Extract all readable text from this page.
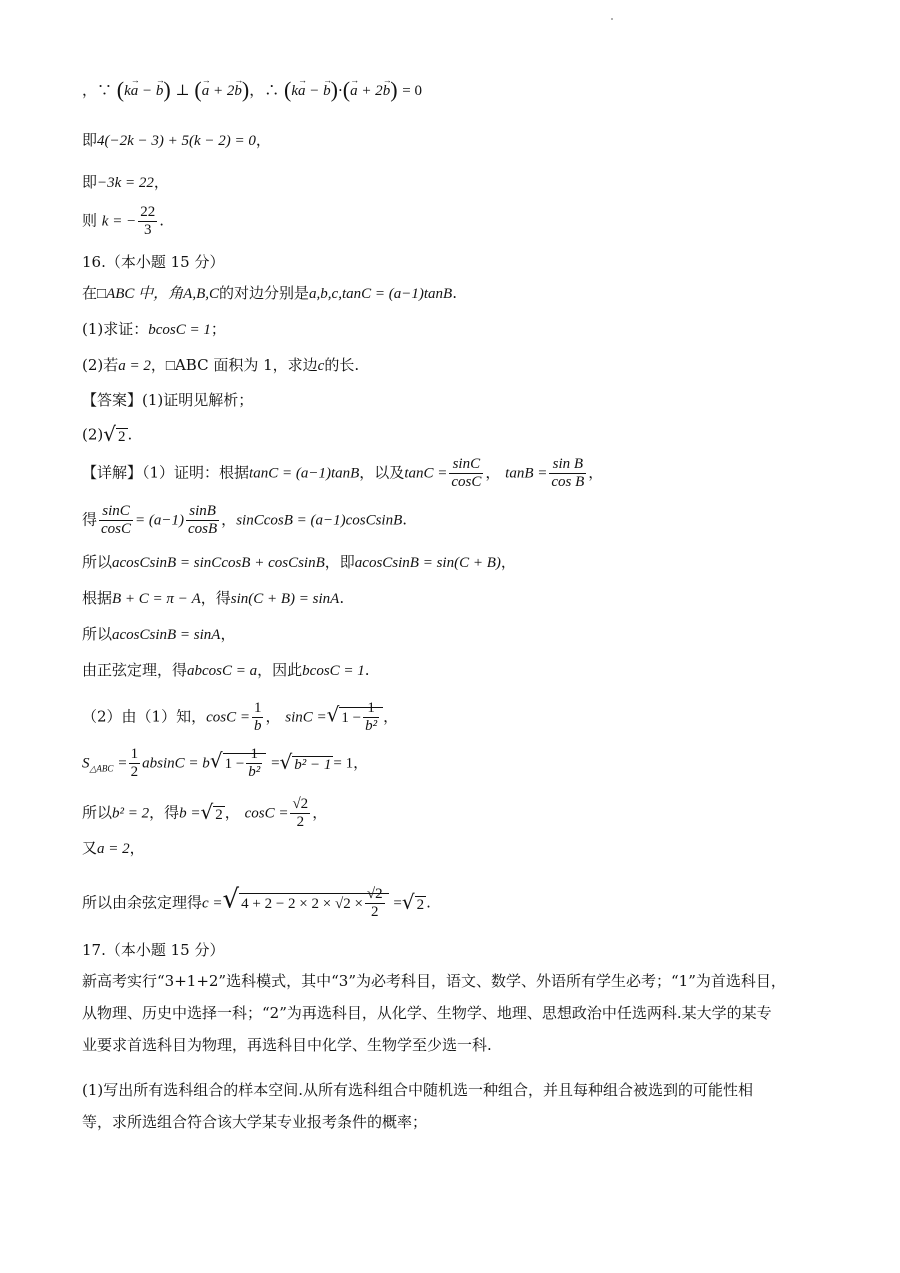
，∵ (k→ a − → b) ⊥ (→ a + 2→ b)，∴ (k→ a − → b)·(→ a + 2→ b) = 0
即4(−2k − 3) + 5(k − 2) = 0，
即−3k = 22，
则 k = − $\frac{22}{3}$ .
16.（本小题 15 分）
在□ABC 中，角A,B,C的对边分别是a,b,c,tanC = (a−1)tanB.
(1)求证：bcosC = 1；
(2)若a = 2，□ABC 面积为 1，求边c的长.
【答案】(1)证明见解析；
(2)√ 2 .
【详解】（1）证明：根据tanC = (a−1)tanB，以及$\tan C = \frac{\sin C}{\cos C}$ ， $\tan B = \frac{\text{sin B}}{\text{cos B}}$ ，
得 $\frac{\sin C}{\cos C} = (a-1) \frac{\sin B}{\cos B}$ ，sinCcosB = (a−1)cosCsinB.
所以acosCsinB = sinCcosB + cosCsinB，即acosCsinB = sin(C + B)，
根据B + C = π − A，得sin(C + B) = sinA.
所以acosCsinB = sinA，
由正弦定理，得abcosC = a，因此bcosC = 1.
（2）由（1）知，$\cos C = \frac{1}{b}$ ， sinC =√ $1 - \frac{1}{\text{b²}}$ ，
$S_{\triangle ABC} = \frac{1}{2}$ absinC = b√ $1 - \frac{1}{\text{b²}}$ =√ b² − 1 = 1，
所以b² = 2，得b =√ 2 ， $\cos C = \frac{√2}{2}$ ，
又a = 2，
所以由余弦定理得c =√ $4 + 2 - 2 \times 2 \times √2 \times \frac{√2}{2}$ =√ 2 .
17.（本小题 15 分）
新高考实行“3+1+2”选科模式，其中“3”为必考科目，语文、数学、外语所有学生必考；“1”为首选科目，
从物理、历史中选择一科；“2”为再选科目，从化学、生物学、地理、思想政治中任选两科.某大学的某专
业要求首选科目为物理，再选科目中化学、生物学至少选一科.
(1)写出所有选科组合的样本空间.从所有选科组合中随机选一种组合，并且每种组合被选到的可能性相
等，求所选组合符合该大学某专业报考条件的概率；
